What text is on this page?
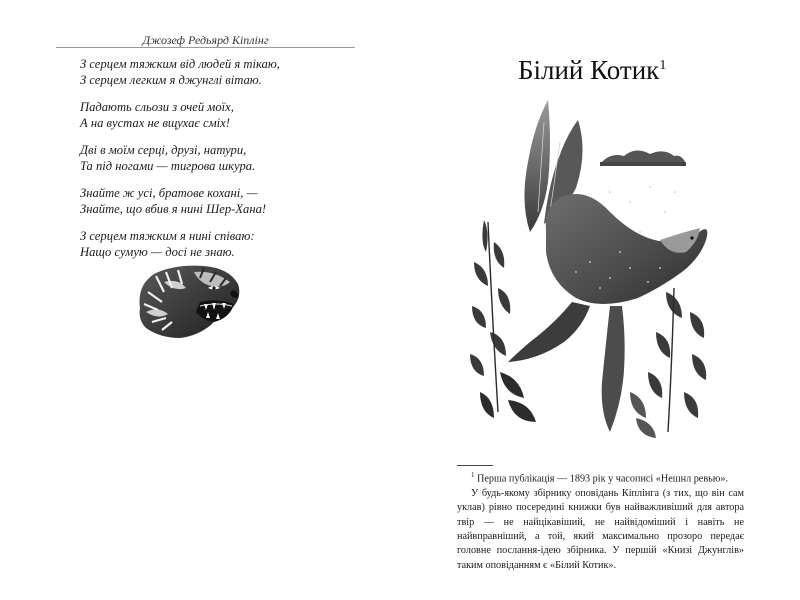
Джозеф Редьярд Кіплінг
З серцем тяжким від людей я тікаю,
З серцем легким я джунглі вітаю.
Падають сльози з очей моїх,
А на вустах не вщухає сміх!
Дві в моїм серці, друзі, натури,
Та під ногами — тигрова шкура.
Знайте ж усі, братове кохані, —
Знайте, що вбив я нині Шер-Хана!
З серцем тяжким я нині співаю:
Нащо сумую — досі не знаю.
Білий Котик$^1$

$^1$ Перша публікація — 1893 рік у часописі «Нешнл ревью».

У будь-якому збірнику оповідань Кіплінга (з тих, що він сам уклав) рівно посередині книжки був найважливіший для автора твір — не найцікавіший, не найвідоміший і навіть не найвправніший, а той, який максимально прозоро передає головне послання-ідею збірника. У першій «Книзі Джунглів» таким оповіданням є «Білий Котик».
